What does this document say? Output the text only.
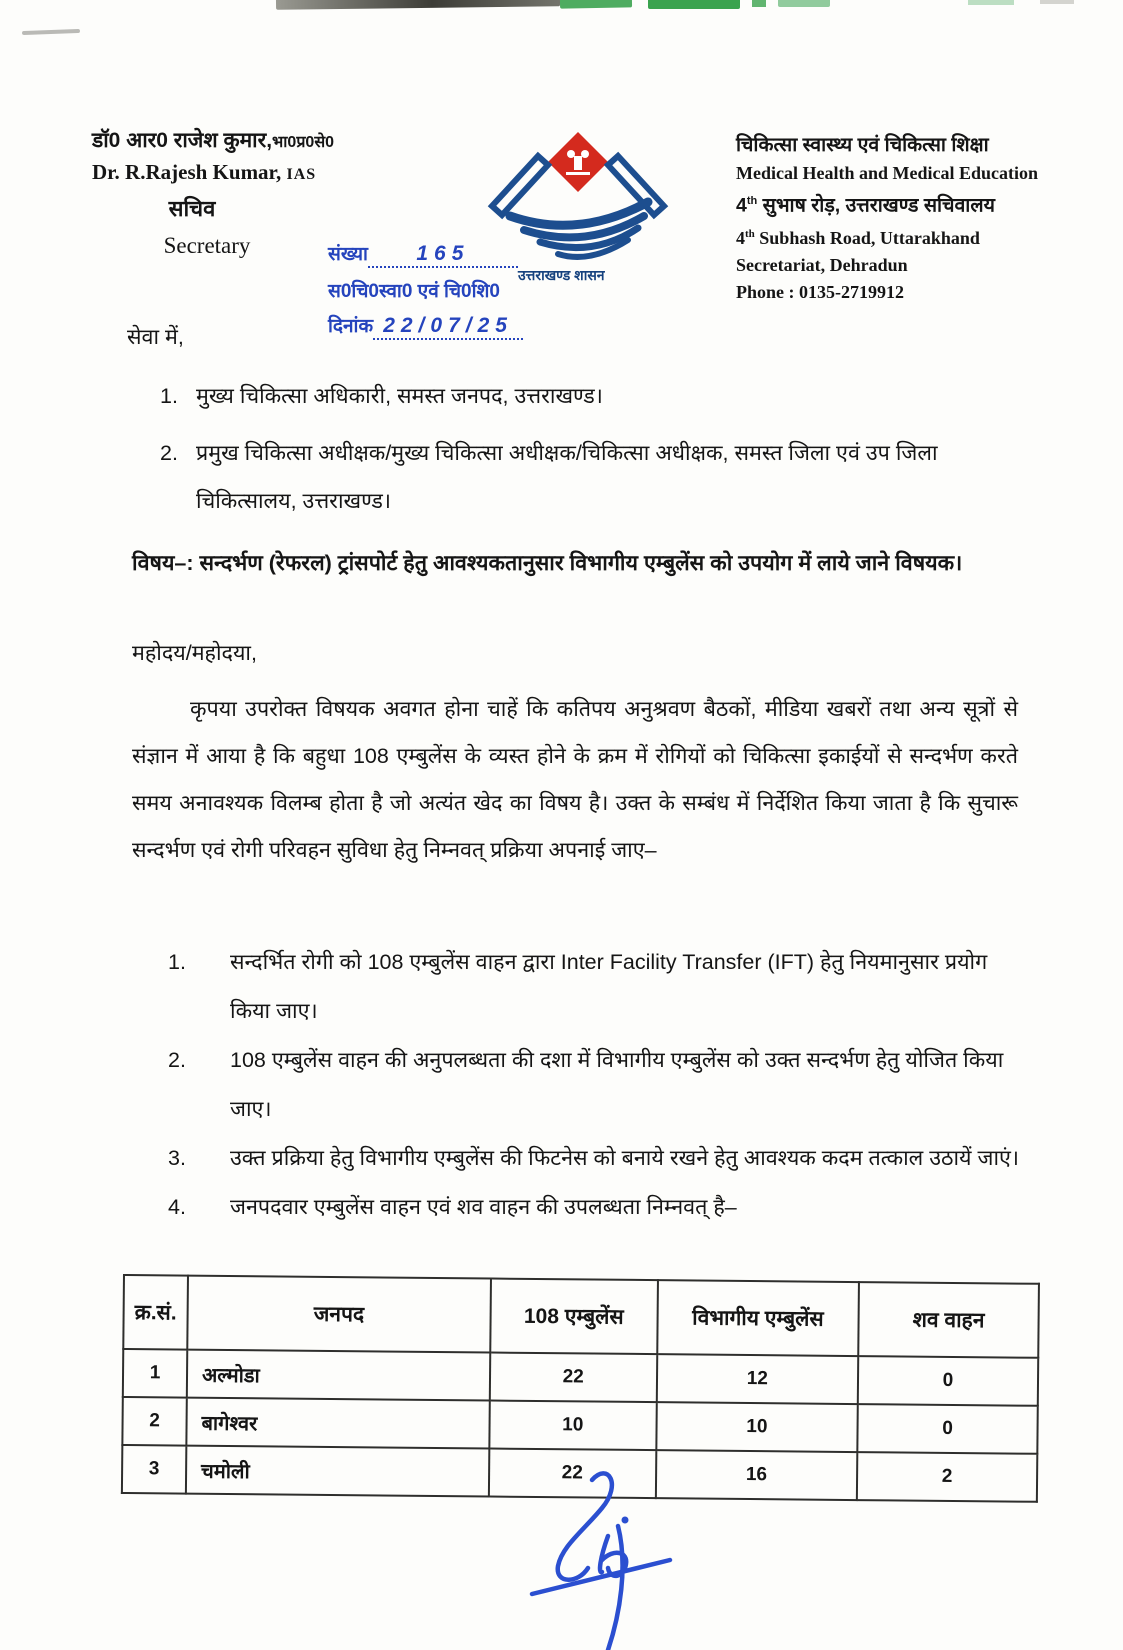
डॉ0 आर0 राजेश कुमार,भा0प्र0से0
Dr. R.Rajesh Kumar, IAS
सचिव
Secretary
उत्तराखण्ड शासन
संख्या 165
स0चि0स्वा0 एवं चि0शि0
दिनांक 22/07/25
चिकित्सा स्वास्थ्य एवं चिकित्सा शिक्षा
Medical Health and Medical Education
4th सुभाष रोड़, उत्तराखण्ड सचिवालय
4th Subhash Road, Uttarakhand Secretariat, Dehradun
Phone : 0135-2719912
सेवा में,
1. मुख्य चिकित्सा अधिकारी, समस्त जनपद, उत्तराखण्ड।
2. प्रमुख चिकित्सा अधीक्षक/मुख्य चिकित्सा अधीक्षक/चिकित्सा अधीक्षक, समस्त जिला एवं उप जिला चिकित्सालय, उत्तराखण्ड।
विषय–: सन्दर्भण (रेफरल) ट्रांसपोर्ट हेतु आवश्यकतानुसार विभागीय एम्बुलेंस को उपयोग में लाये जाने विषयक।
महोदय/महोदया,
कृपया उपरोक्त विषयक अवगत होना चाहें कि कतिपय अनुश्रवण बैठकों, मीडिया खबरों तथा अन्य सूत्रों से संज्ञान में आया है कि बहुधा 108 एम्बुलेंस के व्यस्त होने के क्रम में रोगियों को चिकित्सा इकाईयों से सन्दर्भण करते समय अनावश्यक विलम्ब होता है जो अत्यंत खेद का विषय है। उक्त के सम्बंध में निर्देशित किया जाता है कि सुचारू सन्दर्भण एवं रोगी परिवहन सुविधा हेतु निम्नवत् प्रक्रिया अपनाई जाए–
1.	सन्दर्भित रोगी को 108 एम्बुलेंस वाहन द्वारा Inter Facility Transfer (IFT) हेतु नियमानुसार प्रयोग किया जाए।
2.	108 एम्बुलेंस वाहन की अनुपलब्धता की दशा में विभागीय एम्बुलेंस को उक्त सन्दर्भण हेतु योजित किया जाए।
3.	उक्त प्रक्रिया हेतु विभागीय एम्बुलेंस की फिटनेस को बनाये रखने हेतु आवश्यक कदम तत्काल उठायें जाएं।
4.	जनपदवार एम्बुलेंस वाहन एवं शव वाहन की उपलब्धता निम्नवत् है–
क्र.सं.	जनपद	108 एम्बुलेंस	विभागीय एम्बुलेंस	शव वाहन
1	अल्मोडा	22	12	0
2	बागेश्वर	10	10	0
3	चमोली	22	16	2
